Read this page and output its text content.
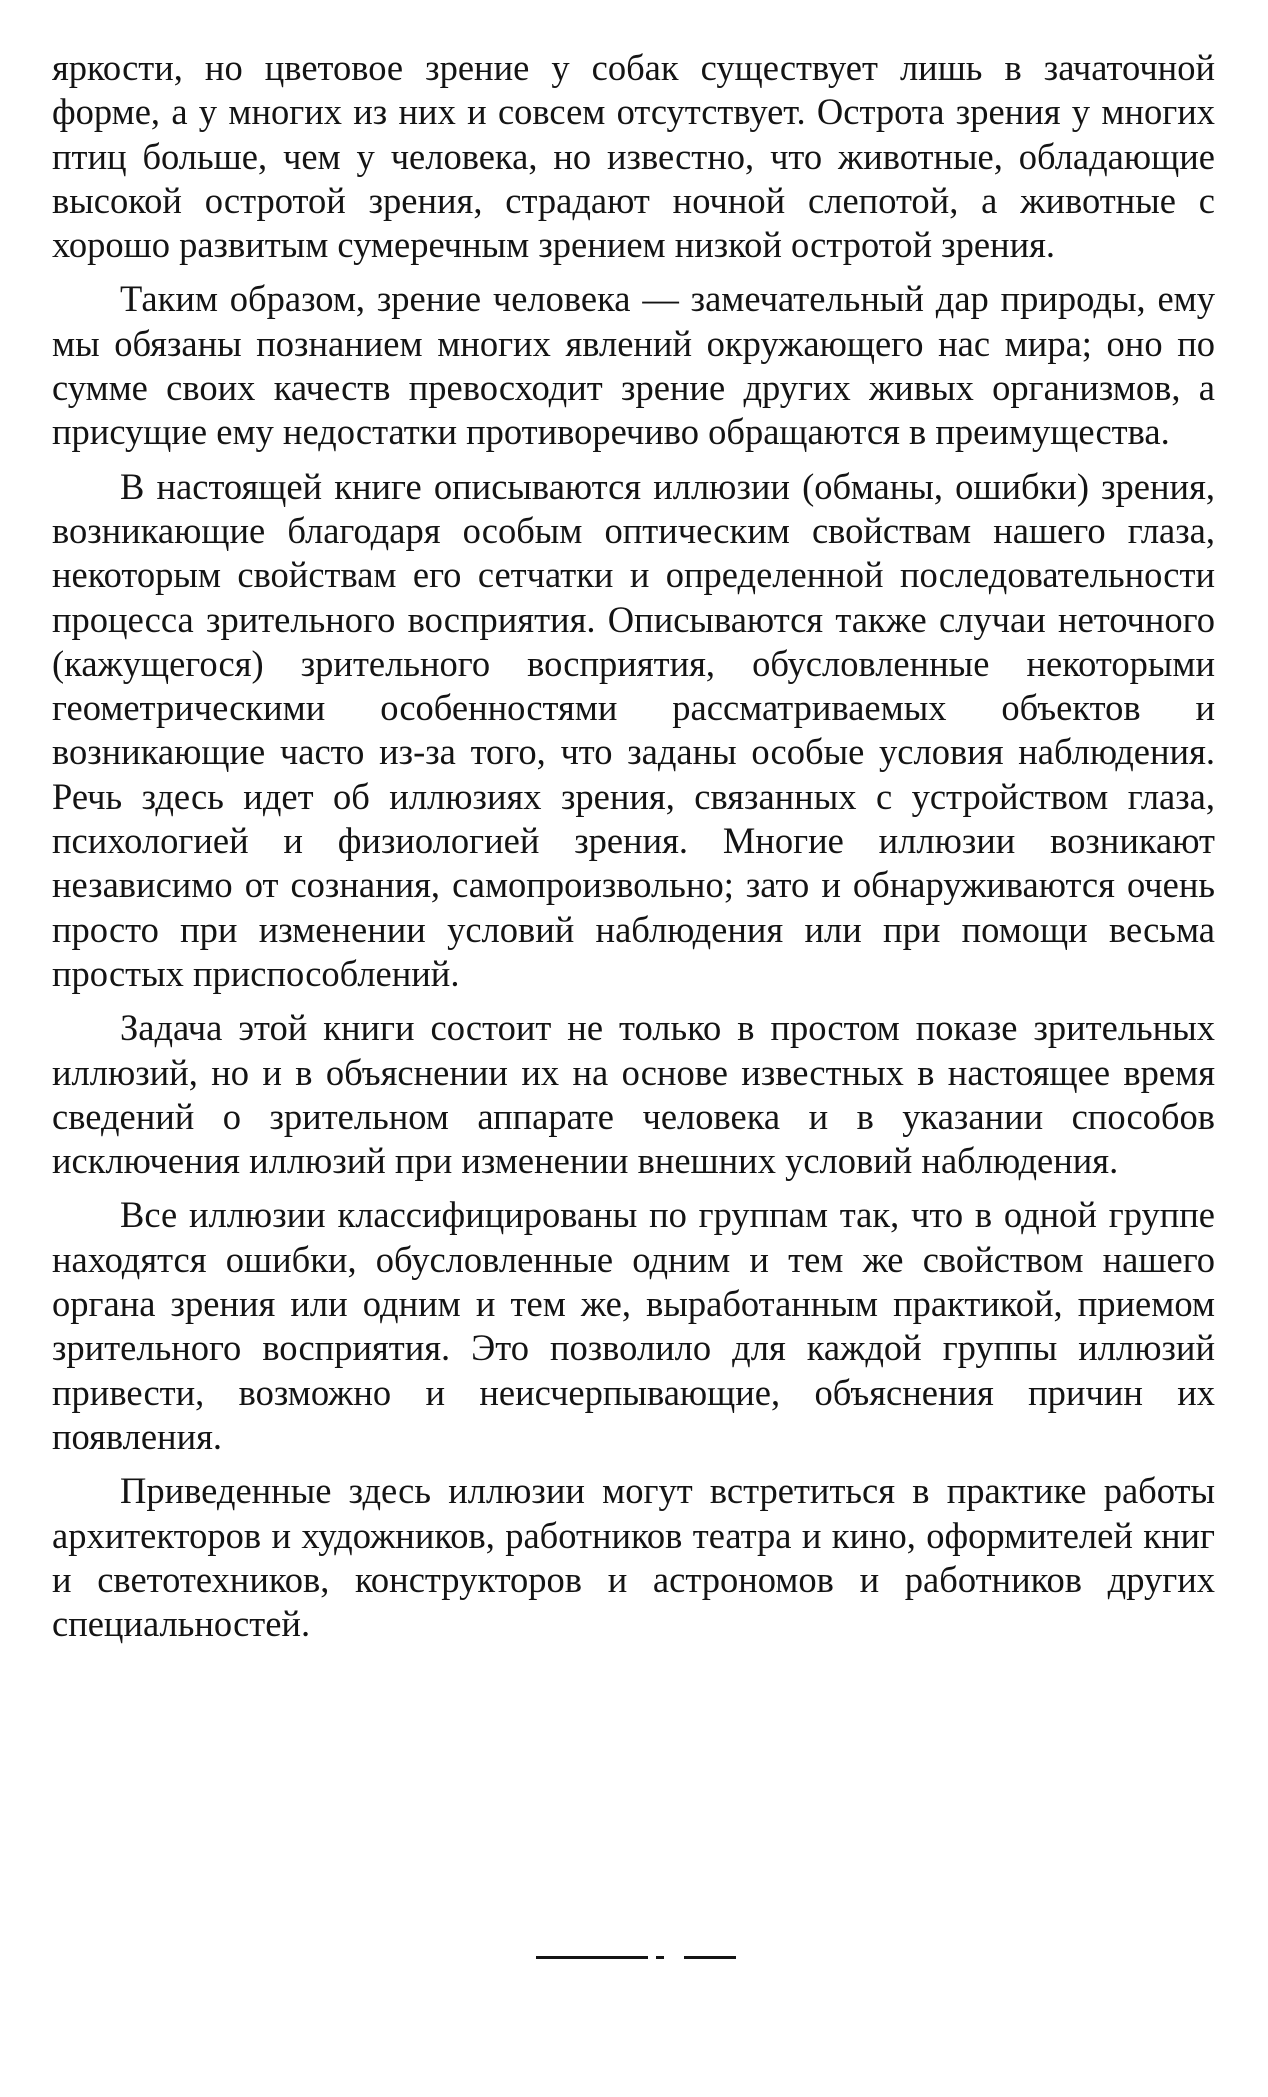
яркости, но цветовое зрение у собак существует лишь в зачаточной форме, а у многих из них и совсем отсутствует. Острота зрения у многих птиц больше, чем у человека, но известно, что животные, обладающие высокой остротой зрения, страдают ночной слепотой, а животные с хорошо развитым сумеречным зрением низкой остротой зрения.

Таким образом, зрение человека — замечательный дар природы, ему мы обязаны познанием многих явлений окружающего нас мира; оно по сумме своих качеств превосходит зрение других живых организмов, а присущие ему недостатки противоречиво обращаются в преимущества.

В настоящей книге описываются иллюзии (обманы, ошибки) зрения, возникающие благодаря особым оптическим свойствам нашего глаза, некоторым свойствам его сетчатки и определенной последовательности процесса зрительного восприятия. Описываются также случаи неточного (кажущегося) зрительного восприятия, обусловленные некоторыми геометрическими особенностями рассматриваемых объектов и возникающие часто из-за того, что заданы особые условия наблюдения. Речь здесь идет об иллюзиях зрения, связанных с устройством глаза, психологией и физиологией зрения. Многие иллюзии возникают независимо от сознания, самопроизвольно; зато и обнаруживаются очень просто при изменении условий наблюдения или при помощи весьма простых приспособлений.

Задача этой книги состоит не только в простом показе зрительных иллюзий, но и в объяснении их на основе известных в настоящее время сведений о зрительном аппарате человека и в указании способов исключения иллюзий при изменении внешних условий наблюдения.

Все иллюзии классифицированы по группам так, что в одной группе находятся ошибки, обусловленные одним и тем же свойством нашего органа зрения или одним и тем же, выработанным практикой, приемом зрительного восприятия. Это позволило для каждой группы иллюзий привести, возможно и неисчерпывающие, объяснения причин их появления.

Приведенные здесь иллюзии могут встретиться в практике работы архитекторов и художников, работников театра и кино, оформителей книг и светотехников, конструкторов и астрономов и работников других специальностей.
